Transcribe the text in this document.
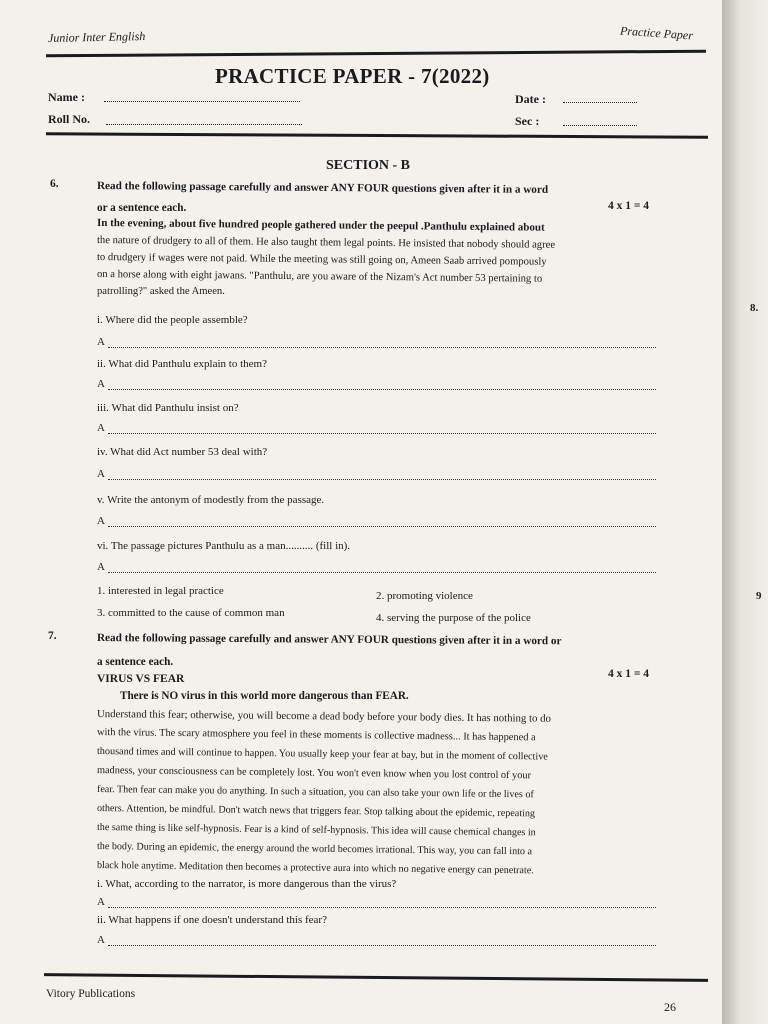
Junior Inter English	Practice Paper
PRACTICE PAPER - 7(2022)
Name :	Date :
Roll No.	Sec :
SECTION - B
6.	Read the following passage carefully and answer ANY FOUR questions given after it in a word
or a sentence each.	4 x 1 = 4
In the evening, about five hundred people gathered under the peepul .Panthulu explained about
the nature of drudgery to all of them. He also taught them legal points. He insisted that nobody should agree
to drudgery if wages were not paid. While the meeting was still going on, Ameen Saab arrived pompously
on a horse along with eight jawans. "Panthulu, are you aware of the Nizam's Act number 53 pertaining to
patrolling?" asked the Ameen.
i. Where did the people assemble?
A
ii. What did Panthulu explain to them?
A
iii. What did Panthulu insist on?
A
iv. What did Act number 53 deal with?
A
v. Write the antonym of modestly from the passage.
A
vi. The passage pictures Panthulu as a man.......... (fill in).
A
1. interested in legal practice	2. promoting violence
3. committed to the cause of common man	4. serving the purpose of the police
7.	Read the following passage carefully and answer ANY FOUR questions given after it in a word or
a sentence each.
VIRUS VS FEAR	4 x 1 = 4
There is NO virus in this world more dangerous than FEAR.
Understand this fear; otherwise, you will become a dead body before your body dies. It has nothing to do
with the virus. The scary atmosphere you feel in these moments is collective madness... It has happened a
thousand times and will continue to happen. You usually keep your fear at bay, but in the moment of collective
madness, your consciousness can be completely lost. You won't even know when you lost control of your
fear. Then fear can make you do anything. In such a situation, you can also take your own life or the lives of
others. Attention, be mindful. Don't watch news that triggers fear. Stop talking about the epidemic, repeating
the same thing is like self-hypnosis. Fear is a kind of self-hypnosis. This idea will cause chemical changes in
the body. During an epidemic, the energy around the world becomes irrational. This way, you can fall into a
black hole anytime. Meditation then becomes a protective aura into which no negative energy can penetrate.
i. What, according to the narrator, is more dangerous than the virus?
A
ii. What happens if one doesn't understand this fear?
A
Vitory Publications
26
8.
9
